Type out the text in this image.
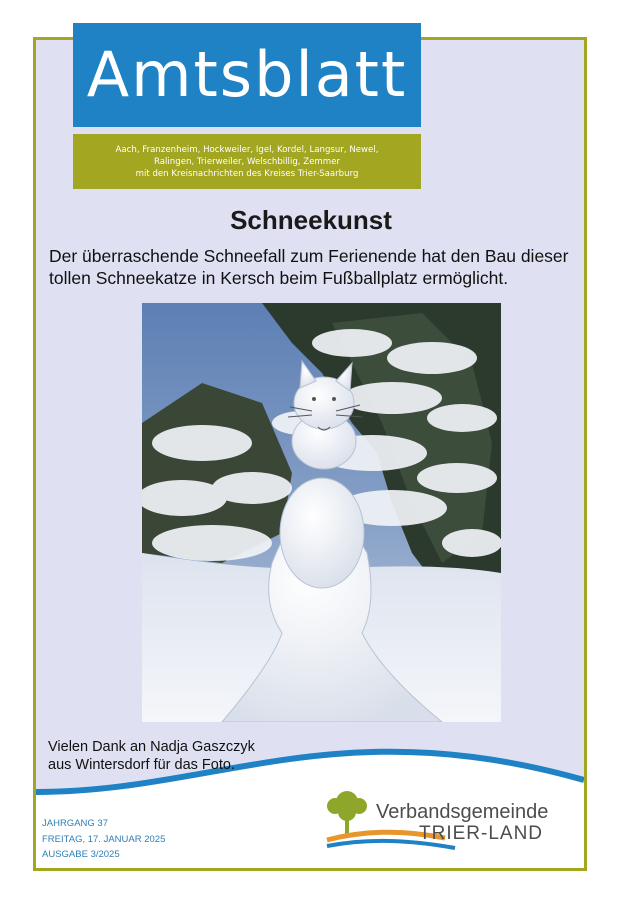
Amtsblatt
Aach, Franzenheim, Hockweiler, Igel, Kordel, Langsur, Newel,
Ralingen, Trierweiler, Welschbillig, Zemmer
mit den Kreisnachrichten des Kreises Trier-Saarburg
Schneekunst
Der überraschende Schneefall zum Ferienende hat den Bau dieser
tollen Schneekatze in Kersch beim Fußballplatz ermöglicht.
Vielen Dank an Nadja Gaszczyk
aus Wintersdorf für das Foto.
JAHRGANG 37
FREITAG, 17. JANUAR 2025
AUSGABE 3/2025
Verbandsgemeinde
TRIER-LAND
